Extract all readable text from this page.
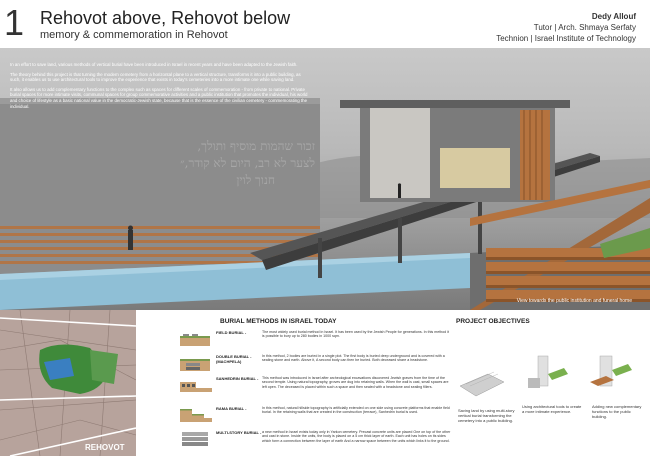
1 Rehovot above, Rehovot below
memory & commemoration in Rehovot
Dedy Allouf
Tutor | Arch. Shmaya Serfaty
Technion | Israel Institute of Technology

In an effort to save land, various methods of vertical burial have been introduced in Israel in recent years and have been adapted to the Jewish faith.

The theory behind this project is that turning the modern cemetery from a horizontal plane to a vertical structure, transforms it into a public building, as such, it enables us to use architectural tools to improve the experience that exists in today's cemeteries into a more intimate one while saving land.

It also allows us to add complementary functions to the complex such as spaces for different scales of commemoration - from private to national. Private burial spaces for more intimate visits, communal spaces for group commemorative activities and a public institution that promotes the individual, his world and choice of lifestyle as a basic national value in the democratic-Jewish state, because that is the essence of the civilian cemetery - commemorating the individual.

זכור שהמות מוסיף ותולך,
לצער לא רב, היום לא קודר,״
חנוך לוין
View towards the public institution and funeral home
REHOVOT
BURIAL METHODS IN ISRAEL TODAY
FIELD BURIAL -	The most widely used burial method in Israel. It has been used by the Jewish People for generations. In this method it is possible to bury up to 280 bodies in 1000 sqm.
DOUBLE BURIAL - (MACHPELA)
In this method, 2 bodies are buried in a single plot. The first body is buried deep underground and is covered with a sealing stone and earth. Above it, A second body can then be buried. Both deceased share a headstone.
SANHEDRIN BURIAL - This method was introduced in Israel after archeological excavations discovered Jewish graves from the time of the second temple. Using natural topography, groves are dug into retaining walls. When the wall is cast, small spaces are left open. The deceased is placed within such a space and then sealed with a headstone and sealing fillers.
RAMA BURIAL -	In this method, natural hillside topography is artificially extended on one side using concrete platforms that enable field burial. In the retaining walls that are created in the construction (terrace), Sanhedrin burial is used.
MULTI-STORY BURIAL - a new method in Israel exists today only in Yarkon cemetery. Precast concrete units are placed One on top of the other and cast in stone. Inside the units, the body is placed on a 5 cm thick layer of earth. Each unit has holes on its sides which form a connection between the layer of earth And a narrow space between the units which links it to the ground.
PROJECT OBJECTIVES
Saving land by using multi-story vertical burial transforming the cemetery into a public building.
Using architectural tools to create a more intimate experience.
Adding new complementary functions to the public building.
